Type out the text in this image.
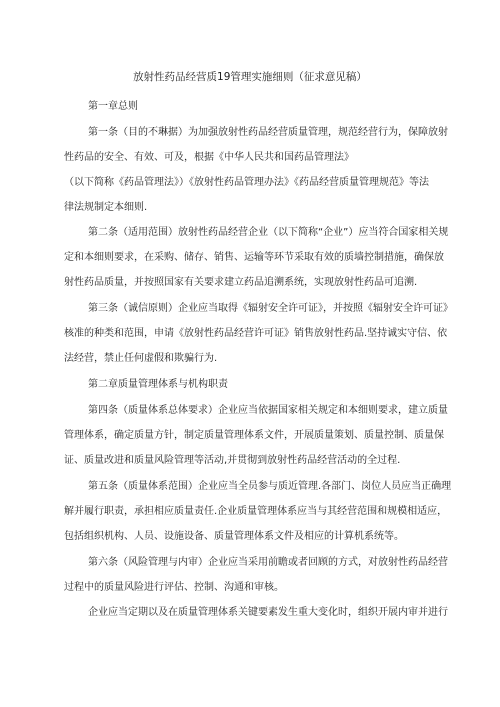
放射性药品经营质19管理实施细则（征求意见稿）
第一章总则
第一条（目的不琳据）为加强放射性药品经营质量管理，规范经营行为，保障放射
性药品的安全、有效、可及，根据《中华人民共和国药品管理法》
（以下简称《药品管理法》）《放射性药品管理办法》《药品经营质量管理规范》等法
律法规制定本细则.
第二条（适用范围）放射性药品经营企业（以下简称“企业”）应当符合国家相关规
定和本细则要求，在采购、储存、销售、运输等环节采取有效的质墙控制措施，确保放
射性药品质量，并按照国家有关要求建立药品追溯系统，实现放射性药品可追溯.
第三条（诚信原则）企业应当取得《辐射安全许可证》，并按照《辐射安全许可证》
核准的种类和范围，申请《放射性药品经营许可证》销售放射性药品.坚持诚实守信、依
法经营，禁止任何虚假和欺骗行为.
第二章质量管理体系与机构职责
第四条（质量体系总体要求）企业应当依据国家相关规定和本细则要求，建立质量
管理体系，确定质量方针，制定质量管理体系文件，开展质量策划、质量控制、质量保
证、质量改进和质量风险管理等活动,并贯彻到放射性药品经营活动的全过程.
第五条（质量体系范围）企业应当全员参与质近管理.各部门、岗位人员应当正确理
解并履行职责，承担相应质量责任.企业质量管理体系应当与其经营范围和规模相适应，
包括组织机构、人员、设施设备、质量管理体系文件及相应的计算机系统等。
第六条（风险管理与内审）企业应当采用前瞻或者回顾的方式，对放射性药品经营
过程中的质量风险进行评估、控制、沟通和审核。
企业应当定期以及在质量管理体系关键要素发生重大变化时，组织开展内审并进行
